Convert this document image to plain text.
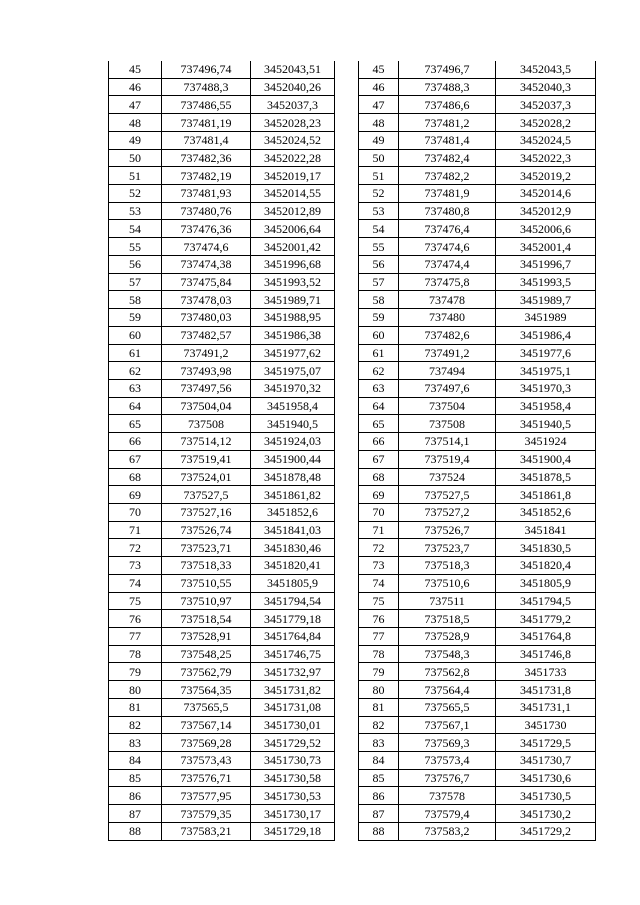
45	737496,74	3452043,51
46	737488,3	3452040,26
47	737486,55	3452037,3
48	737481,19	3452028,23
49	737481,4	3452024,52
50	737482,36	3452022,28
51	737482,19	3452019,17
52	737481,93	3452014,55
53	737480,76	3452012,89
54	737476,36	3452006,64
55	737474,6	3452001,42
56	737474,38	3451996,68
57	737475,84	3451993,52
58	737478,03	3451989,71
59	737480,03	3451988,95
60	737482,57	3451986,38
61	737491,2	3451977,62
62	737493,98	3451975,07
63	737497,56	3451970,32
64	737504,04	3451958,4
65	737508	3451940,5
66	737514,12	3451924,03
67	737519,41	3451900,44
68	737524,01	3451878,48
69	737527,5	3451861,82
70	737527,16	3451852,6
71	737526,74	3451841,03
72	737523,71	3451830,46
73	737518,33	3451820,41
74	737510,55	3451805,9
75	737510,97	3451794,54
76	737518,54	3451779,18
77	737528,91	3451764,84
78	737548,25	3451746,75
79	737562,79	3451732,97
80	737564,35	3451731,82
81	737565,5	3451731,08
82	737567,14	3451730,01
83	737569,28	3451729,52
84	737573,43	3451730,73
85	737576,71	3451730,58
86	737577,95	3451730,53
87	737579,35	3451730,17
88	737583,21	3451729,18
45	737496,7	3452043,5
46	737488,3	3452040,3
47	737486,6	3452037,3
48	737481,2	3452028,2
49	737481,4	3452024,5
50	737482,4	3452022,3
51	737482,2	3452019,2
52	737481,9	3452014,6
53	737480,8	3452012,9
54	737476,4	3452006,6
55	737474,6	3452001,4
56	737474,4	3451996,7
57	737475,8	3451993,5
58	737478	3451989,7
59	737480	3451989
60	737482,6	3451986,4
61	737491,2	3451977,6
62	737494	3451975,1
63	737497,6	3451970,3
64	737504	3451958,4
65	737508	3451940,5
66	737514,1	3451924
67	737519,4	3451900,4
68	737524	3451878,5
69	737527,5	3451861,8
70	737527,2	3451852,6
71	737526,7	3451841
72	737523,7	3451830,5
73	737518,3	3451820,4
74	737510,6	3451805,9
75	737511	3451794,5
76	737518,5	3451779,2
77	737528,9	3451764,8
78	737548,3	3451746,8
79	737562,8	3451733
80	737564,4	3451731,8
81	737565,5	3451731,1
82	737567,1	3451730
83	737569,3	3451729,5
84	737573,4	3451730,7
85	737576,7	3451730,6
86	737578	3451730,5
87	737579,4	3451730,2
88	737583,2	3451729,2
